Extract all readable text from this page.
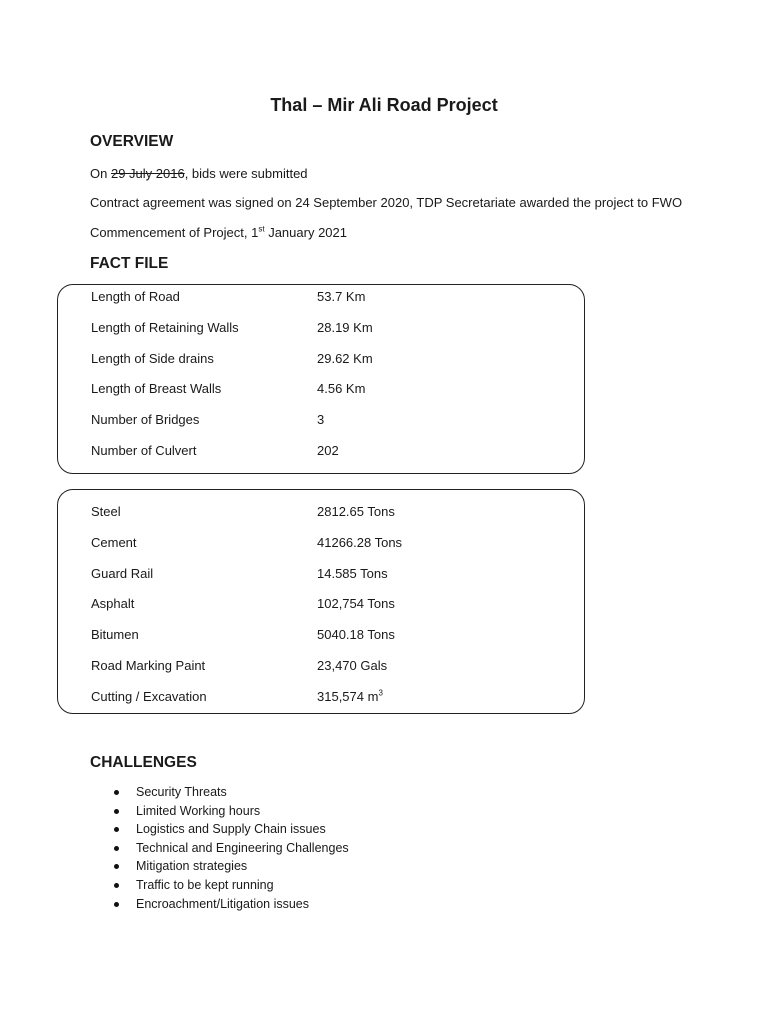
Thal – Mir Ali Road Project
OVERVIEW
On 29 July 2016, bids were submitted
Contract agreement was signed on 24 September 2020, TDP Secretariate awarded the project to FWO
Commencement of Project, 1st January 2021
FACT FILE
Length of Road	53.7 Km
Length of Retaining Walls	28.19 Km
Length of Side drains	29.62 Km
Length of Breast Walls	4.56 Km
Number of Bridges	3
Number of Culvert	202
Steel	2812.65 Tons
Cement	41266.28 Tons
Guard Rail	14.585 Tons
Asphalt	102,754 Tons
Bitumen	5040.18 Tons
Road Marking Paint	23,470 Gals
Cutting / Excavation	315,574 $m^3$
CHALLENGES
Security Threats
Limited Working hours
Logistics and Supply Chain issues
Technical and Engineering Challenges
Mitigation strategies
Traffic to be kept running
Encroachment/Litigation issues
